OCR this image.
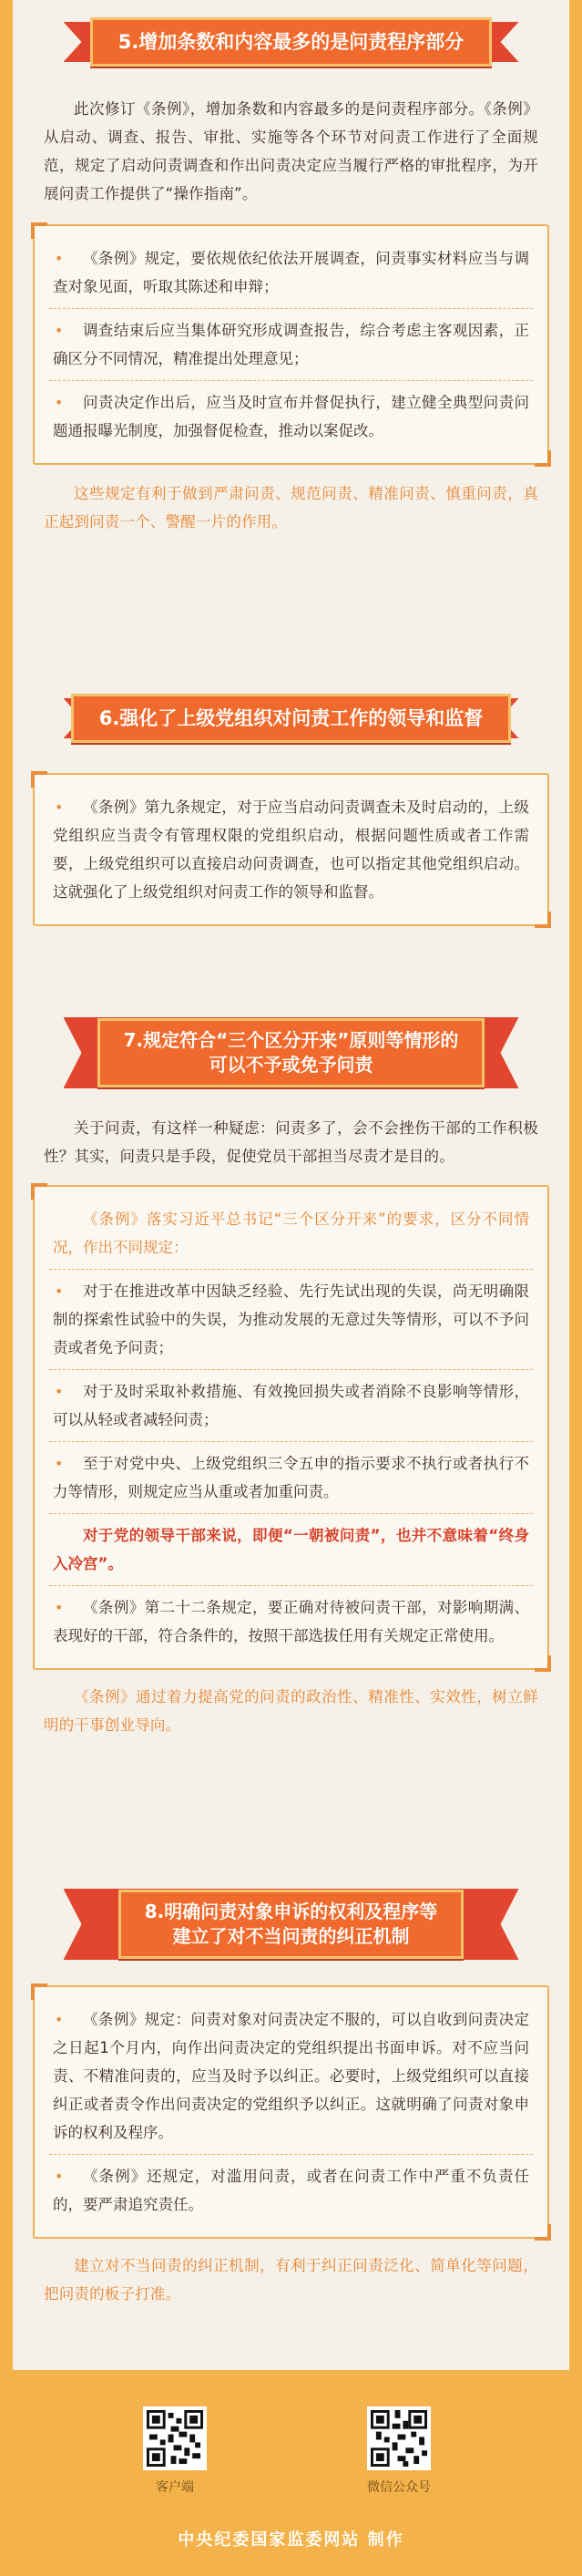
5.增加条数和内容最多的是问责程序部分

此次修订《条例》，增加条数和内容最多的是问责程序部分。《条例》从启动、调查、报告、审批、实施等各个环节对问责工作进行了全面规范，规定了启动问责调查和作出问责决定应当履行严格的审批程序，为开展问责工作提供了“操作指南”。

• 《条例》规定，要依规依纪依法开展调查，问责事实材料应当与调查对象见面，听取其陈述和申辩；
• 调查结束后应当集体研究形成调查报告，综合考虑主客观因素，正确区分不同情况，精准提出处理意见；
• 问责决定作出后，应当及时宣布并督促执行，建立健全典型问责问题通报曝光制度，加强督促检查，推动以案促改。

这些规定有利于做到严肃问责、规范问责、精准问责、慎重问责，真正起到问责一个、警醒一片的作用。

6.强化了上级党组织对问责工作的领导和监督
• 《条例》第九条规定，对于应当启动问责调查未及时启动的，上级党组织应当责令有管理权限的党组织启动，根据问题性质或者工作需要，上级党组织可以直接启动问责调查，也可以指定其他党组织启动。这就强化了上级党组织对问责工作的领导和监督。
7.规定符合“三个区分开来”原则等情形的
可以不予或免予问责

关于问责，有这样一种疑虑：问责多了，会不会挫伤干部的工作积极性？其实，问责只是手段，促使党员干部担当尽责才是目的。

《条例》落实习近平总书记“三个区分开来”的要求，区分不同情况，作出不同规定：
• 对于在推进改革中因缺乏经验、先行先试出现的失误，尚无明确限制的探索性试验中的失误，为推动发展的无意过失等情形，可以不予问责或者免予问责；
• 对于及时采取补救措施、有效挽回损失或者消除不良影响等情形，可以从轻或者减轻问责；
• 至于对党中央、上级党组织三令五申的指示要求不执行或者执行不力等情形，则规定应当从重或者加重问责。
对于党的领导干部来说，即便“一朝被问责”，也并不意味着“终身入冷宫”。
• 《条例》第二十二条规定，要正确对待被问责干部，对影响期满、表现好的干部，符合条件的，按照干部选拔任用有关规定正常使用。

《条例》通过着力提高党的问责的政治性、精准性、实效性，树立鲜明的干事创业导向。

8.明确问责对象申诉的权利及程序等
建立了对不当问责的纠正机制
• 《条例》规定：问责对象对问责决定不服的，可以自收到问责决定之日起1个月内，向作出问责决定的党组织提出书面申诉。对不应当问责、不精准问责的，应当及时予以纠正。必要时，上级党组织可以直接纠正或者责令作出问责决定的党组织予以纠正。这就明确了问责对象申诉的权利及程序。
• 《条例》还规定，对滥用问责，或者在问责工作中严重不负责任的，要严肃追究责任。

建立对不当问责的纠正机制，有利于纠正问责泛化、简单化等问题，把问责的板子打准。

客户端	微信公众号
中央纪委国家监委网站 制作
